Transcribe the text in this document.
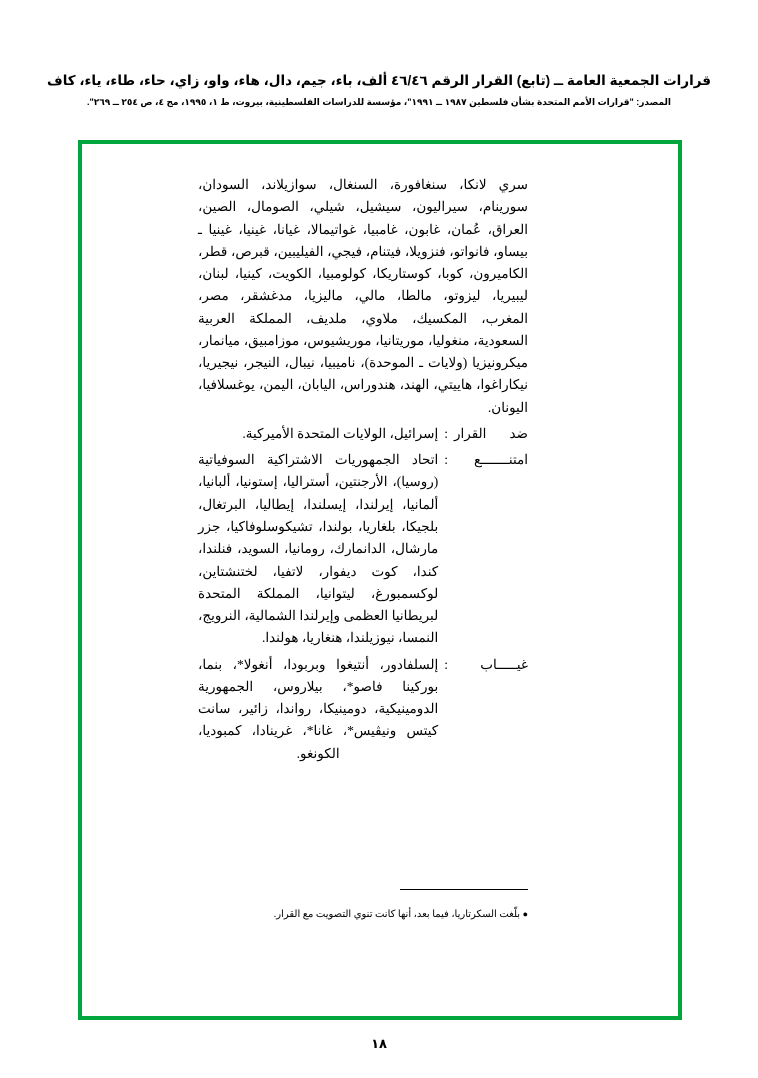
قرارات الجمعية العامة ــ (تابع) القرار الرقم ٤٦/٤٦ ألف، باء، جيم، دال، هاء، واو، زاي، حاء، طاء، ياء، كاف
المصدر: "قرارات الأمم المتحدة بشأن فلسطين ١٩٨٧ ــ ١٩٩١"، مؤسسة للدراسات الفلسطينية، بيروت، ط ١، ١٩٩٥، مج ٤، ص ٢٥٤ ــ ٢٦٩".

سري لانكا، سنغافورة، السنغال، سوازيلاند، السودان، سورينام، سيراليون، سيشيل، شيلي، الصومال، الصين، العراق، عُمان، غابون، غامبيا، غواتيمالا، غيانا، غينيا، غينيا ـ بيساو، فانواتو، فنزويلا، فيتنام، فيجي، الفيليبين، قبرص، قطر، الكاميرون، كوبا، كوستاريكا، كولومبيا، الكويت، كينيا، لبنان، ليبيريا، ليزوتو، مالطا، مالي، ماليزيا، مدغشقر، مصر، المغرب، المكسيك، ملاوي، ملديف، المملكة العربية السعودية، منغوليا، موريتانيا، موريشيوس، موزامبيق، ميانمار، ميكرونيزيا (ولايات ـ الموحدة)، ناميبيا، نيبال، النيجر، نيجيريا، نيكاراغوا، هاييتي، الهند، هندوراس، اليابان، اليمن، يوغسلافيا، اليونان.

ضد القرار
:
إسرائيل، الولايات المتحدة الأميركية.
امتنـــــــع
:
اتحاد الجمهوريات الاشتراكية السوفياتية (روسيا)، الأرجنتين، أستراليا، إستونيا، ألبانيا، ألمانيا، إيرلندا، إيسلندا، إيطاليا، البرتغال، بلجيكا، بلغاريا، بولندا، تشيكوسلوفاكيا، جزر مارشال، الدانمارك، رومانيا، السويد، فنلندا، كندا، كوت ديفوار، لاتفيا، لختنشتاين، لوكسمبورغ، ليتوانيا، المملكة المتحدة لبريطانيا العظمى وإيرلندا الشمالية، النرويج، النمسا، نيوزيلندا، هنغاريا، هولندا.
غيـــــاب
:
إلسلفادور، أنتيغوا وبربودا، أنغولا*، بنما، بوركينا فاصو*، بيلاروس، الجمهورية الدومينيكية، دومينيكا، رواندا، زائير، سانت كيتس ونيڤيس*، غانا*، غرينادا، كمبوديا، الكونغو.
● بلّغت السكرتاريا، فيما بعد، أنها كانت تنوي التصويت مع القرار.
١٨
